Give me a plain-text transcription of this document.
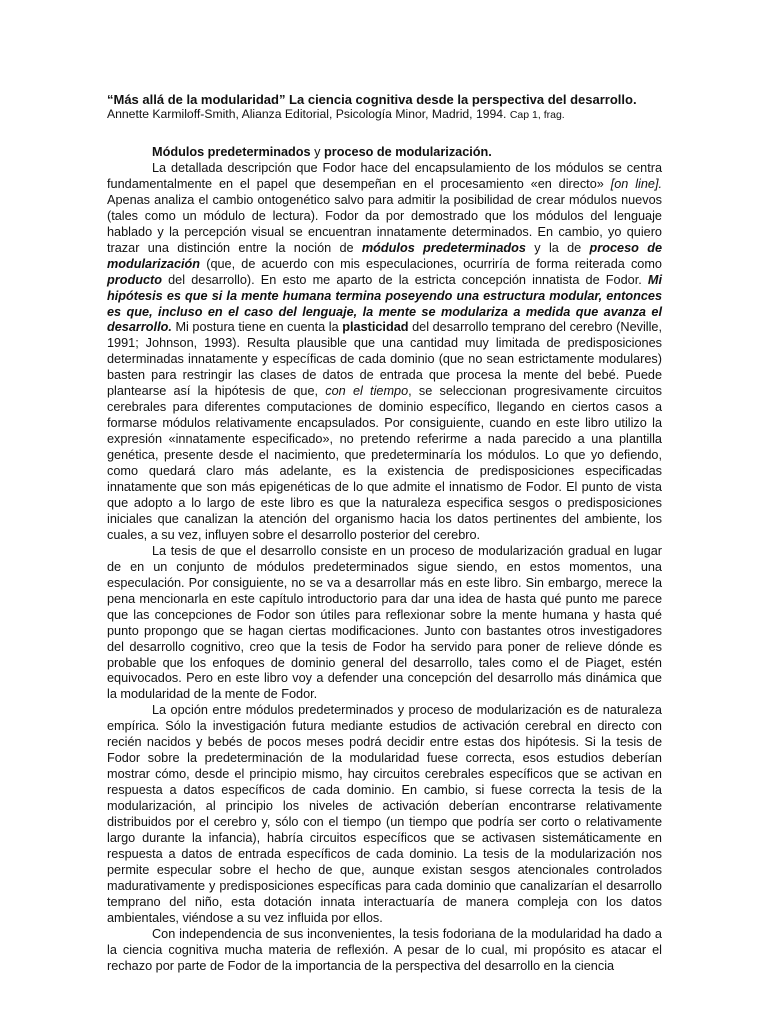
“Más allá de la modularidad” La ciencia cognitiva desde la perspectiva del desarrollo.

Annette Karmiloff-Smith, Alianza Editorial, Psicología Minor, Madrid, 1994. Cap 1, frag.

Módulos predeterminados y proceso de modularización.

La detallada descripción que Fodor hace del encapsulamiento de los módulos se centra fundamentalmente en el papel que desempeñan en el procesamiento «en directo» [on line]. Apenas analiza el cambio ontogenético salvo para admitir la posibilidad de crear módulos nuevos (tales como un módulo de lectura). Fodor da por demostrado que los módulos del lenguaje hablado y la percepción visual se encuentran innatamente determinados. En cambio, yo quiero trazar una distinción entre la noción de módulos predeterminados y la de proceso de modularización (que, de acuerdo con mis especulaciones, ocurriría de forma reiterada como producto del desarrollo). En esto me aparto de la estricta concepción innatista de Fodor. Mi hipótesis es que si la mente humana termina poseyendo una estructura modular, entonces es que, incluso en el caso del lenguaje, la mente se modulariza a medida que avanza el desarrollo. Mi postura tiene en cuenta la plasticidad del desarrollo temprano del cerebro (Neville, 1991; Johnson, 1993). Resulta plausible que una cantidad muy limitada de predisposiciones determinadas innatamente y específicas de cada dominio (que no sean estrictamente modulares) basten para restringir las clases de datos de entrada que procesa la mente del bebé. Puede plantearse así la hipótesis de que, con el tiempo, se seleccionan progresivamente circuitos cerebrales para diferentes computaciones de dominio específico, llegando en ciertos casos a formarse módulos relativamente encapsulados. Por consiguiente, cuando en este libro utilizo la expresión «innatamente especificado», no pretendo referirme a nada parecido a una plantilla genética, presente desde el nacimiento, que predeterminaría los módulos. Lo que yo defiendo, como quedará claro más adelante, es la existencia de predisposiciones especificadas innatamente que son más epigenéticas de lo que admite el innatismo de Fodor. El punto de vista que adopto a lo largo de este libro es que la naturaleza especifica sesgos o predisposiciones iniciales que canalizan la atención del organismo hacia los datos pertinentes del ambiente, los cuales, a su vez, influyen sobre el desarrollo posterior del cerebro.

La tesis de que el desarrollo consiste en un proceso de modularización gradual en lugar de en un conjunto de módulos predeterminados sigue siendo, en estos momentos, una especulación. Por consiguiente, no se va a desarrollar más en este libro. Sin embargo, merece la pena mencionarla en este capítulo introductorio para dar una idea de hasta qué punto me parece que las concepciones de Fodor son útiles para reflexionar sobre la mente humana y hasta qué punto propongo que se hagan ciertas modificaciones. Junto con bastantes otros investigadores del desarrollo cognitivo, creo que la tesis de Fodor ha servido para poner de relieve dónde es probable que los enfoques de dominio general del desarrollo, tales como el de Piaget, estén equivocados. Pero en este libro voy a defender una concepción del desarrollo más dinámica que la modularidad de la mente de Fodor.

La opción entre módulos predeterminados y proceso de modularización es de naturaleza empírica. Sólo la investigación futura mediante estudios de activación cerebral en directo con recién nacidos y bebés de pocos meses podrá decidir entre estas dos hipótesis. Si la tesis de Fodor sobre la predeterminación de la modularidad fuese correcta, esos estudios deberían mostrar cómo, desde el principio mismo, hay circuitos cerebrales específicos que se activan en respuesta a datos específicos de cada dominio. En cambio, si fuese correcta la tesis de la modularización, al principio los niveles de activación deberían encontrarse relativamente distribuidos por el cerebro y, sólo con el tiempo (un tiempo que podría ser corto o relativamente largo durante la infancia), habría circuitos específicos que se activasen sistemáticamente en respuesta a datos de entrada específicos de cada dominio. La tesis de la modularización nos permite especular sobre el hecho de que, aunque existan sesgos atencionales controlados madurativamente y predisposiciones específicas para cada dominio que canalizarían el desarrollo temprano del niño, esta dotación innata interactuaría de manera compleja con los datos ambientales, viéndose a su vez influida por ellos.

Con independencia de sus inconvenientes, la tesis fodoriana de la modularidad ha dado a la ciencia cognitiva mucha materia de reflexión. A pesar de lo cual, mi propósito es atacar el rechazo por parte de Fodor de la importancia de la perspectiva del desarrollo en la ciencia
